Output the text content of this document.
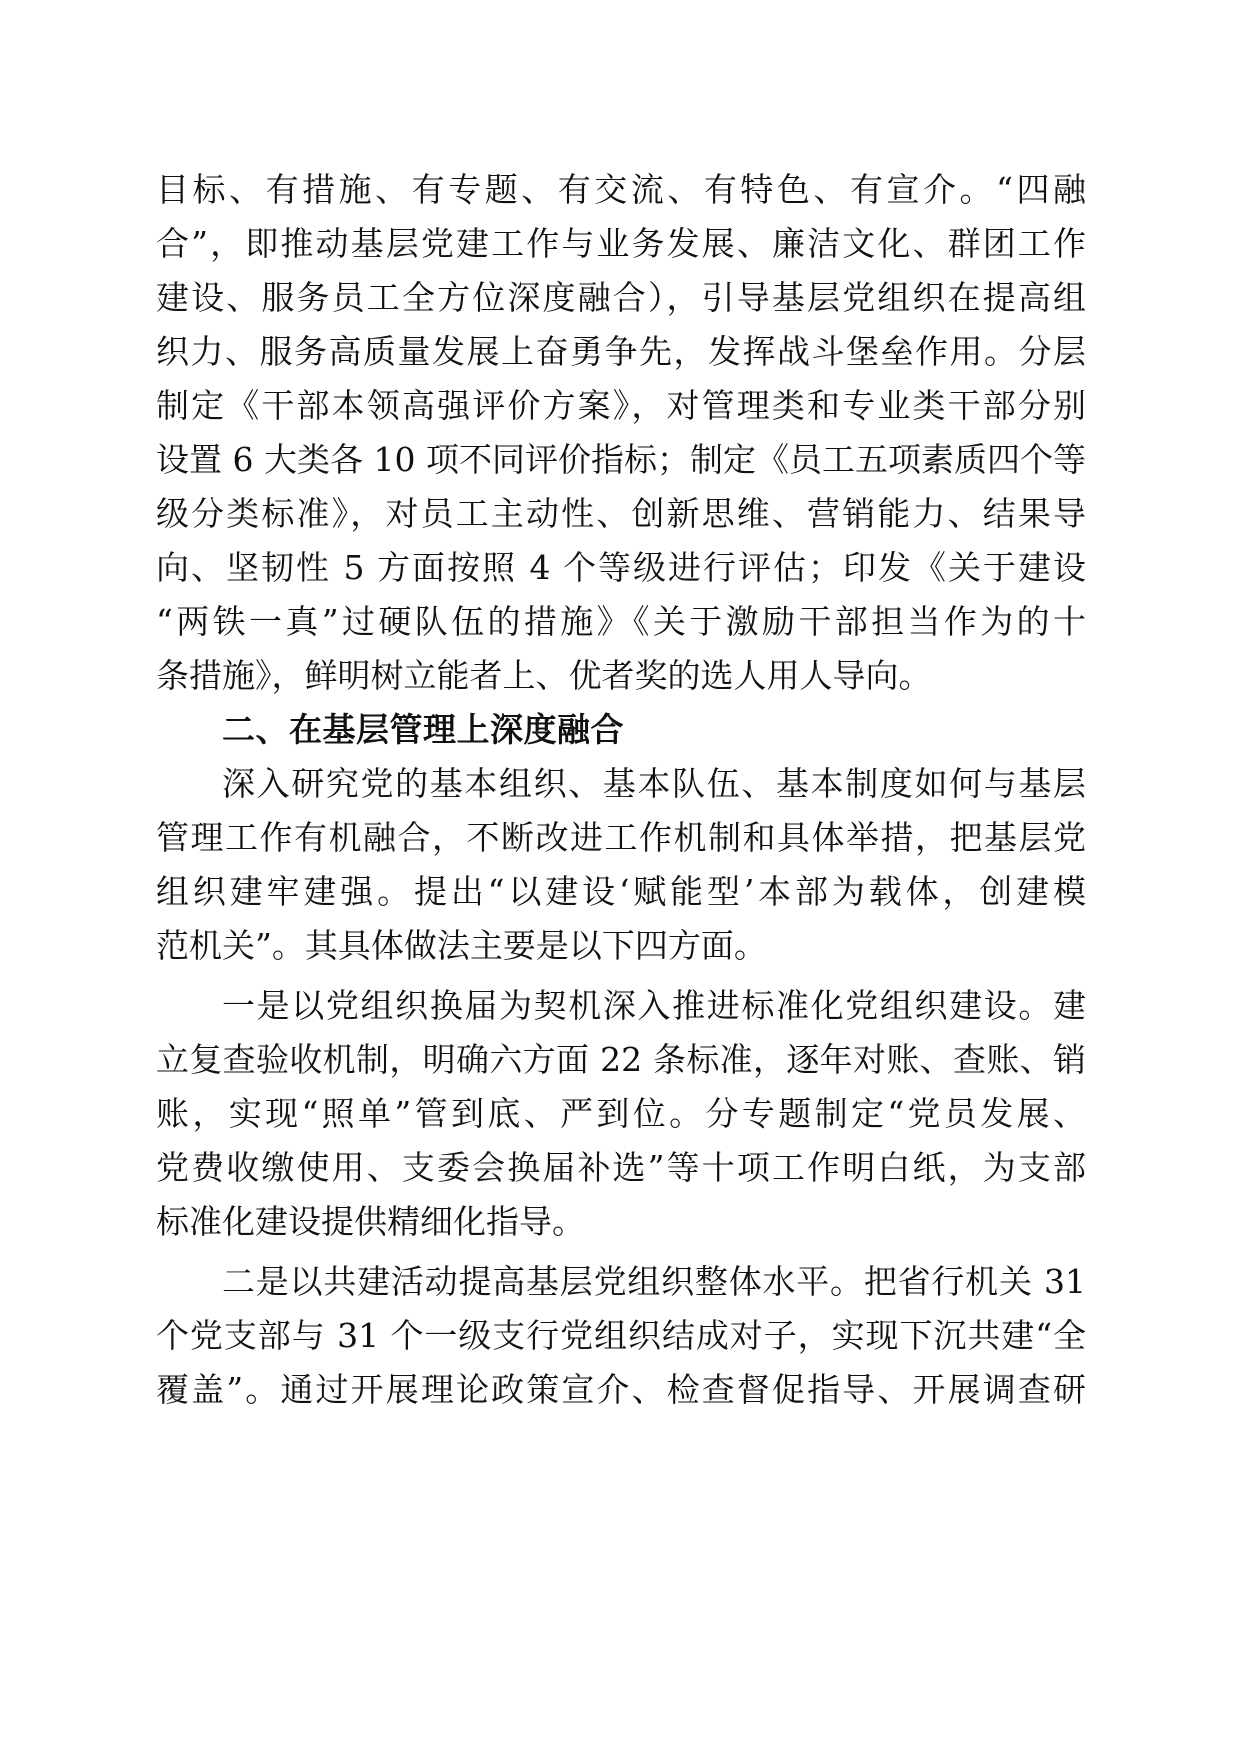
目标、有措施、有专题、有交流、有特色、有宣介。“四融
合”，即推动基层党建工作与业务发展、廉洁文化、群团工作
建设、服务员工全方位深度融合），引导基层党组织在提高组
织力、服务高质量发展上奋勇争先，发挥战斗堡垒作用。分层
制定《干部本领高强评价方案》，对管理类和专业类干部分别
设置 6 大类各 10 项不同评价指标；制定《员工五项素质四个等
级分类标准》，对员工主动性、创新思维、营销能力、结果导
向、坚韧性 5 方面按照 4 个等级进行评估；印发《关于建设
“两铁一真”过硬队伍的措施》《关于激励干部担当作为的十
条措施》，鲜明树立能者上、优者奖的选人用人导向。
二、在基层管理上深度融合
深入研究党的基本组织、基本队伍、基本制度如何与基层
管理工作有机融合，不断改进工作机制和具体举措，把基层党
组织建牢建强。提出“以建设‘赋能型’本部为载体，创建模
范机关”。其具体做法主要是以下四方面。
一是以党组织换届为契机深入推进标准化党组织建设。建
立复查验收机制，明确六方面 22 条标准，逐年对账、查账、销
账，实现“照单”管到底、严到位。分专题制定“党员发展、
党费收缴使用、支委会换届补选”等十项工作明白纸，为支部
标准化建设提供精细化指导。
二是以共建活动提高基层党组织整体水平。把省行机关 31
个党支部与 31 个一级支行党组织结成对子，实现下沉共建“全
覆盖”。通过开展理论政策宣介、检查督促指导、开展调查研
